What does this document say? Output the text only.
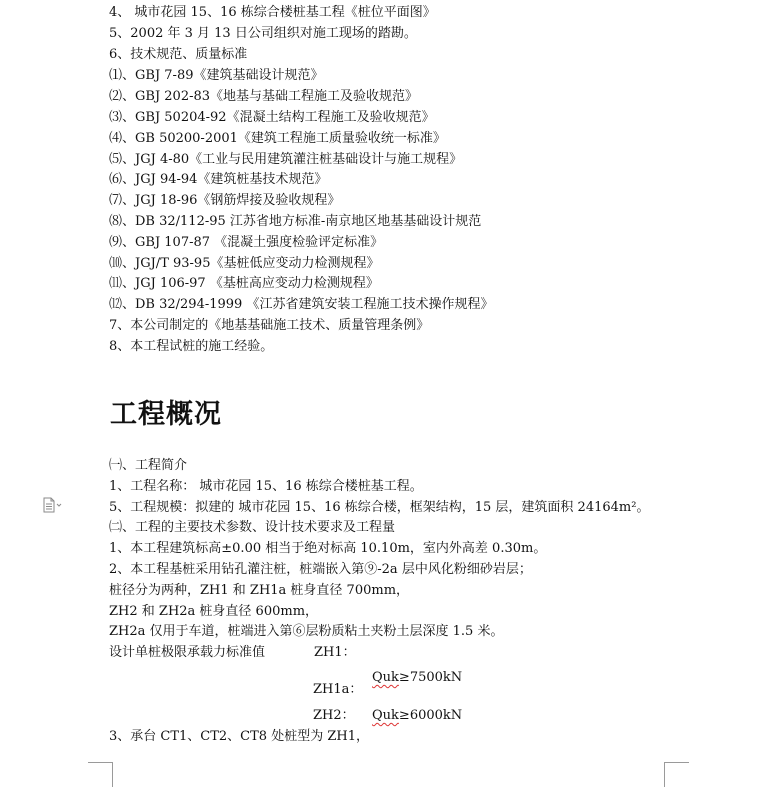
4、 城市花园 15、16 栋综合楼桩基工程《桩位平面图》
5、2002 年 3 月 13 日公司组织对施工现场的踏勘。
6、技术规范、质量标准
⑴、GBJ 7-89《建筑基础设计规范》
⑵、GBJ 202-83《地基与基础工程施工及验收规范》
⑶、GBJ 50204-92《混凝土结构工程施工及验收规范》
⑷、GB 50200-2001《建筑工程施工质量验收统一标准》
⑸、JGJ 4-80《工业与民用建筑灌注桩基础设计与施工规程》
⑹、JGJ 94-94《建筑桩基技术规范》
⑺、JGJ 18-96《钢筋焊接及验收规程》
⑻、DB 32/112-95 江苏省地方标准-南京地区地基基础设计规范
⑼、GBJ 107-87 《混凝土强度检验评定标准》
⑽、JGJ/T 93-95《基桩低应变动力检测规程》
⑾、JGJ 106-97 《基桩高应变动力检测规程》
⑿、DB 32/294-1999 《江苏省建筑安装工程施工技术操作规程》
7、本公司制定的《地基基础施工技术、质量管理条例》
8、本工程试桩的施工经验。
工程概况
㈠、工程简介
1、工程名称： 城市花园 15、16 栋综合楼桩基工程。
5、工程规模：拟建的 城市花园 15、16 栋综合楼，框架结构，15 层，建筑面积 24164m²。
㈡、工程的主要技术参数、设计技术要求及工程量
1、本工程建筑标高±0.00 相当于绝对标高 10.10m，室内外高差 0.30m。
2、本工程基桩采用钻孔灌注桩，桩端嵌入第⑨-2a 层中风化粉细砂岩层；
桩径分为两种，ZH1 和 ZH1a 桩身直径 700mm，
ZH2 和 ZH2a 桩身直径 600mm，
ZH2a 仅用于车道，桩端进入第⑥层粉质粘土夹粉土层深度 1.5 米。
设计单桩极限承载力标准值	ZH1：
Quk≥7500kN
ZH1a：
ZH2： Quk≥6000kN
3、承台 CT1、CT2、CT8 处桩型为 ZH1，
